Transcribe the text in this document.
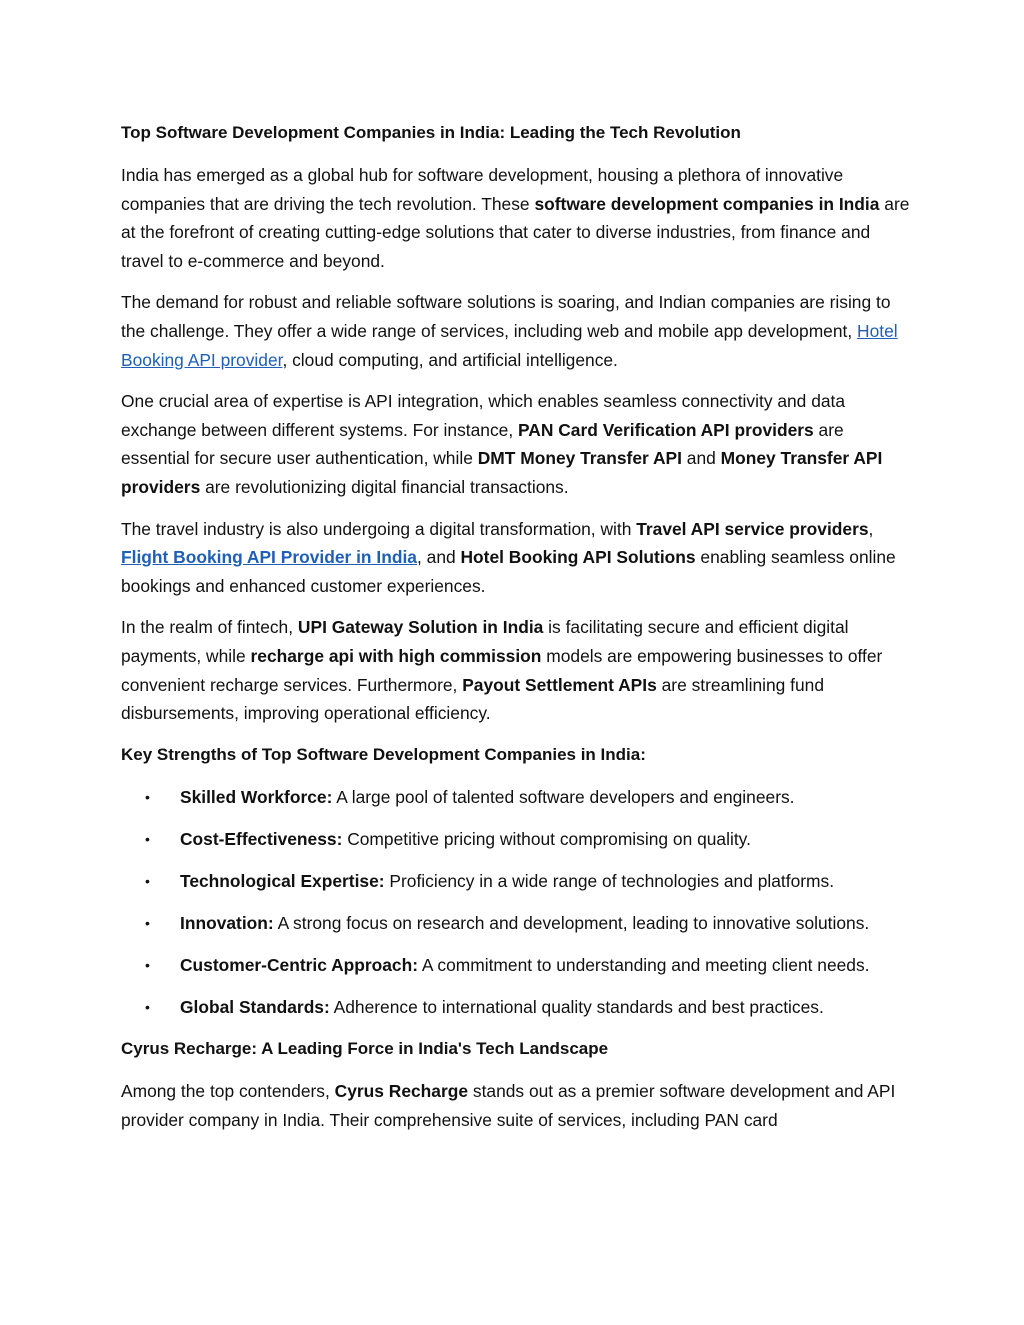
Top Software Development Companies in India: Leading the Tech Revolution

India has emerged as a global hub for software development, housing a plethora of innovative companies that are driving the tech revolution. These software development companies in India are at the forefront of creating cutting-edge solutions that cater to diverse industries, from finance and travel to e-commerce and beyond.

The demand for robust and reliable software solutions is soaring, and Indian companies are rising to the challenge. They offer a wide range of services, including web and mobile app development, Hotel Booking API provider, cloud computing, and artificial intelligence.

One crucial area of expertise is API integration, which enables seamless connectivity and data exchange between different systems. For instance, PAN Card Verification API providers are essential for secure user authentication, while DMT Money Transfer API and Money Transfer API providers are revolutionizing digital financial transactions.

The travel industry is also undergoing a digital transformation, with Travel API service providers, Flight Booking API Provider in India, and Hotel Booking API Solutions enabling seamless online bookings and enhanced customer experiences.

In the realm of fintech, UPI Gateway Solution in India is facilitating secure and efficient digital payments, while recharge api with high commission models are empowering businesses to offer convenient recharge services. Furthermore, Payout Settlement APIs are streamlining fund disbursements, improving operational efficiency.

Key Strengths of Top Software Development Companies in India:

• Skilled Workforce: A large pool of talented software developers and engineers.
• Cost-Effectiveness: Competitive pricing without compromising on quality.
• Technological Expertise: Proficiency in a wide range of technologies and platforms.
• Innovation: A strong focus on research and development, leading to innovative solutions.
• Customer-Centric Approach: A commitment to understanding and meeting client needs.
• Global Standards: Adherence to international quality standards and best practices.

Cyrus Recharge: A Leading Force in India's Tech Landscape

Among the top contenders, Cyrus Recharge stands out as a premier software development and API provider company in India. Their comprehensive suite of services, including PAN card
